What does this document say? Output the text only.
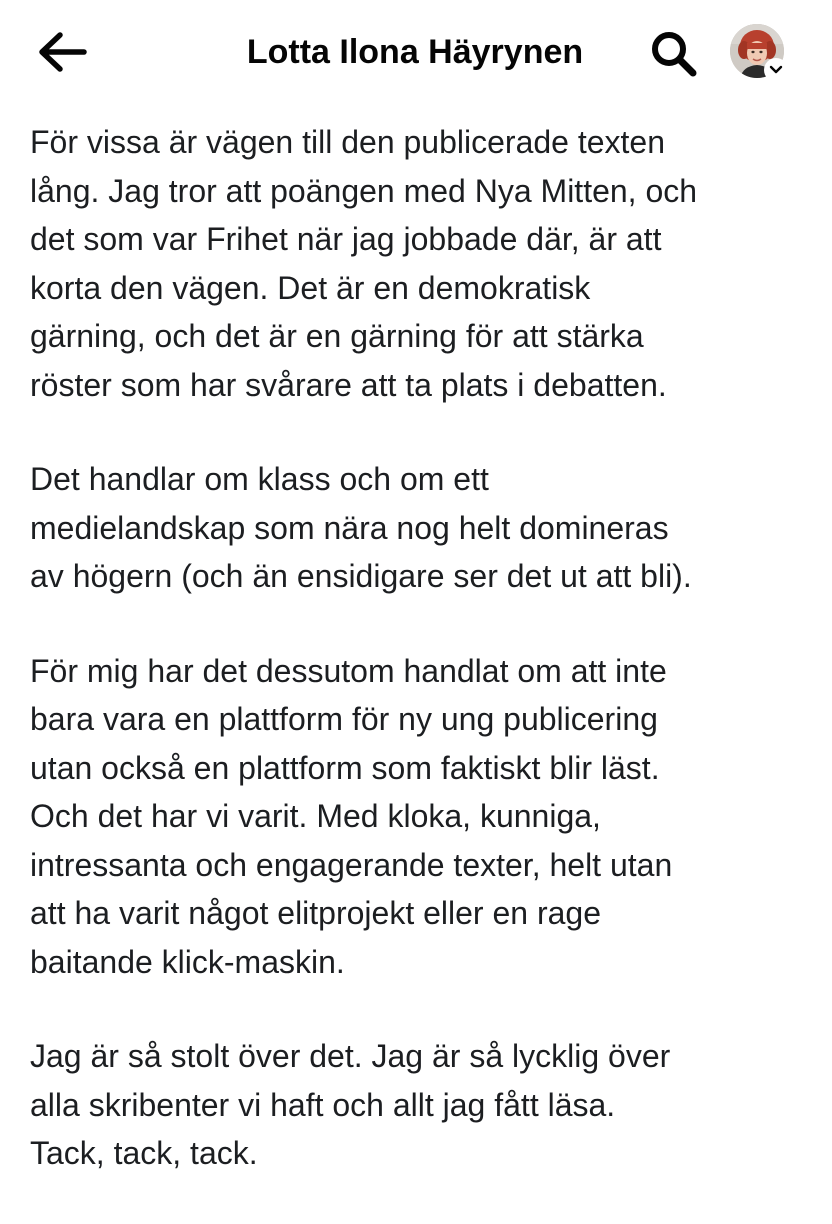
Lotta Ilona Häyrynen

För vissa är vägen till den publicerade texten
lång. Jag tror att poängen med Nya Mitten, och
det som var Frihet när jag jobbade där, är att
korta den vägen. Det är en demokratisk
gärning, och det är en gärning för att stärka
röster som har svårare att ta plats i debatten.

Det handlar om klass och om ett
medielandskap som nära nog helt domineras
av högern (och än ensidigare ser det ut att bli).

För mig har det dessutom handlat om att inte
bara vara en plattform för ny ung publicering
utan också en plattform som faktiskt blir läst.
Och det har vi varit. Med kloka, kunniga,
intressanta och engagerande texter, helt utan
att ha varit något elitprojekt eller en rage
baitande klick-maskin.

Jag är så stolt över det. Jag är så lycklig över
alla skribenter vi haft och allt jag fått läsa.
Tack, tack, tack.
